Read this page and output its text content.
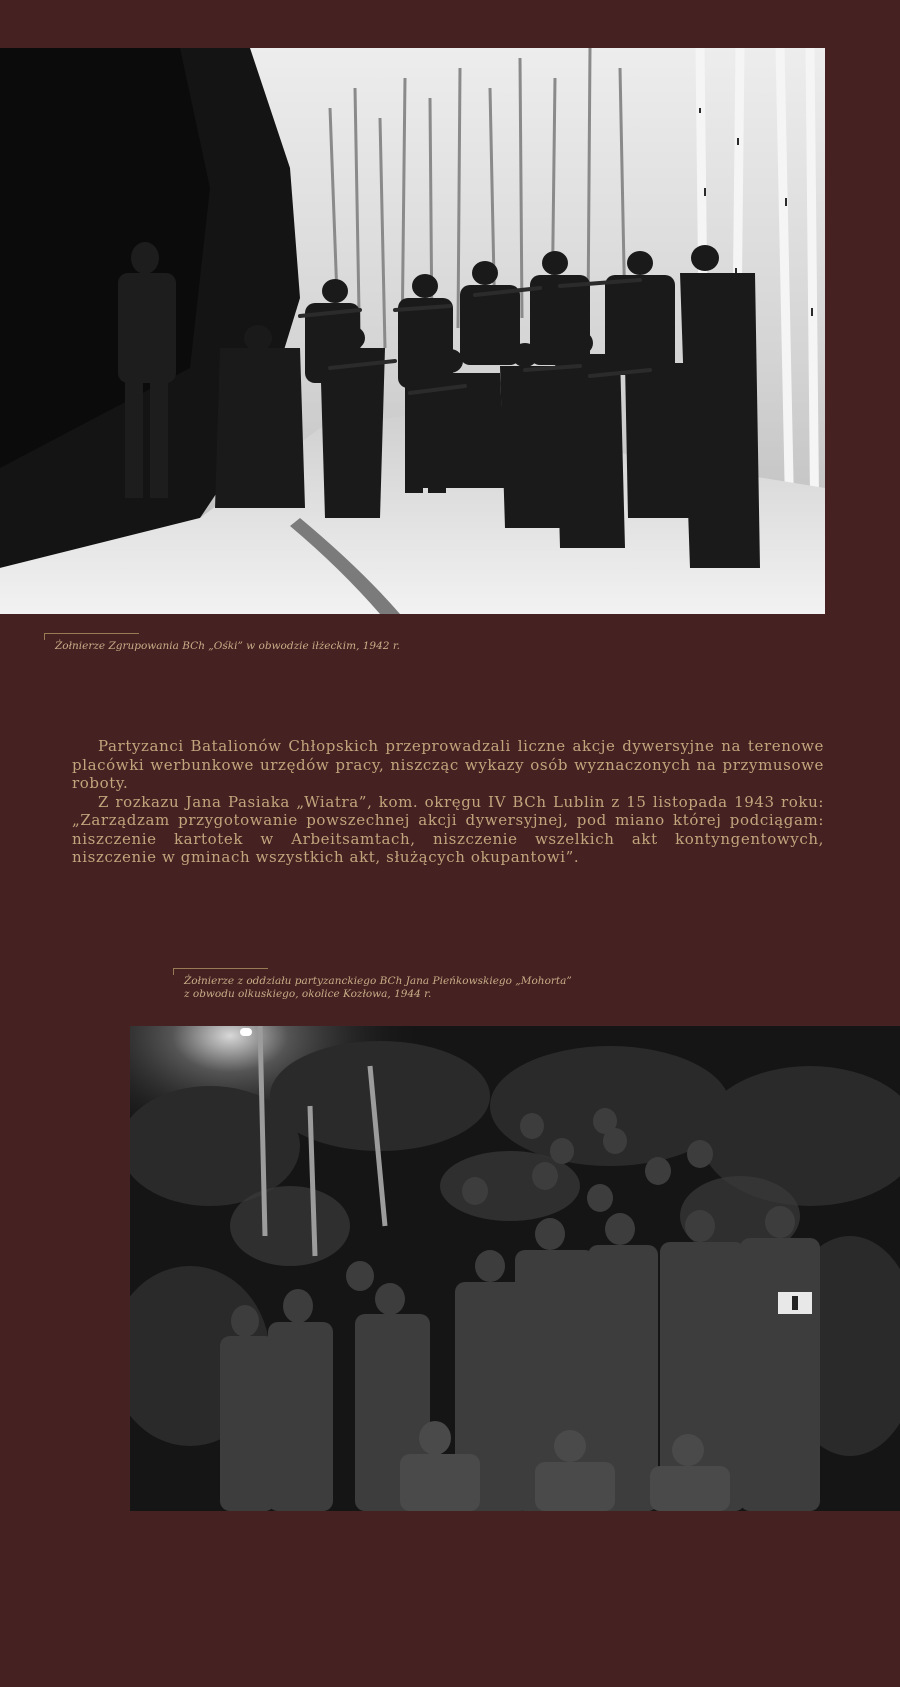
Żołnierze Zgrupowania BCh „Ośki” w obwodzie iłżeckim, 1942 r.

Partyzanci Batalionów Chłopskich przeprowadzali liczne akcje dywersyjne na terenowe placówki werbunkowe urzędów pracy, niszcząc wykazy osób wyznaczonych na przymusowe roboty.

Z rozkazu Jana Pasiaka „Wiatra”, kom. okręgu IV BCh Lublin z 15 listopada 1943 roku: „Zarządzam przygotowanie powszechnej akcji dywersyjnej, pod miano której podciągam: niszczenie kartotek w Arbeitsamtach, niszczenie wszelkich akt kontyngentowych, niszczenie w gminach wszystkich akt, służących okupantowi”.

Żołnierze z oddziału partyzanckiego BCh Jana Pieńkowskiego „Mohorta”
z obwodu olkuskiego, okolice Kozłowa, 1944 r.
